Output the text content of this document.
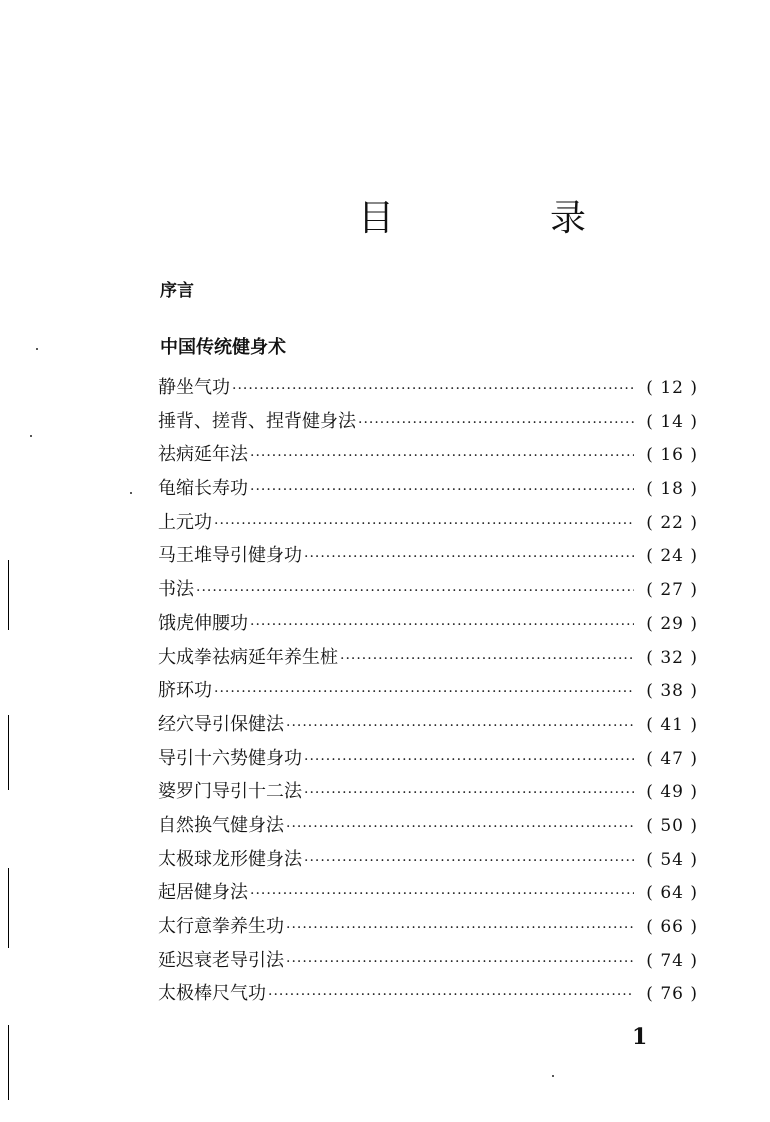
目　录
序言
中国传统健身术
静坐气功 ·····	( 12 )
捶背、搓背、捏背健身法 ·····	( 14 )
祛病延年法 ·····	( 16 )
龟缩长寿功 ·····	( 18 )
上元功 ·····	( 22 )
马王堆导引健身功 ·····	( 24 )
书法 ·····	( 27 )
饿虎伸腰功 ·····	( 29 )
大成拳祛病延年养生桩 ·····	( 32 )
脐环功 ·····	( 38 )
经穴导引保健法 ·····	( 41 )
导引十六势健身功 ·····	( 47 )
婆罗门导引十二法 ·····	( 49 )
自然换气健身法 ·····	( 50 )
太极球龙形健身法 ·····	( 54 )
起居健身法 ·····	( 64 )
太行意拳养生功 ·····	( 66 )
延迟衰老导引法 ·····	( 74 )
太极棒尺气功 ·····	( 76 )
1
